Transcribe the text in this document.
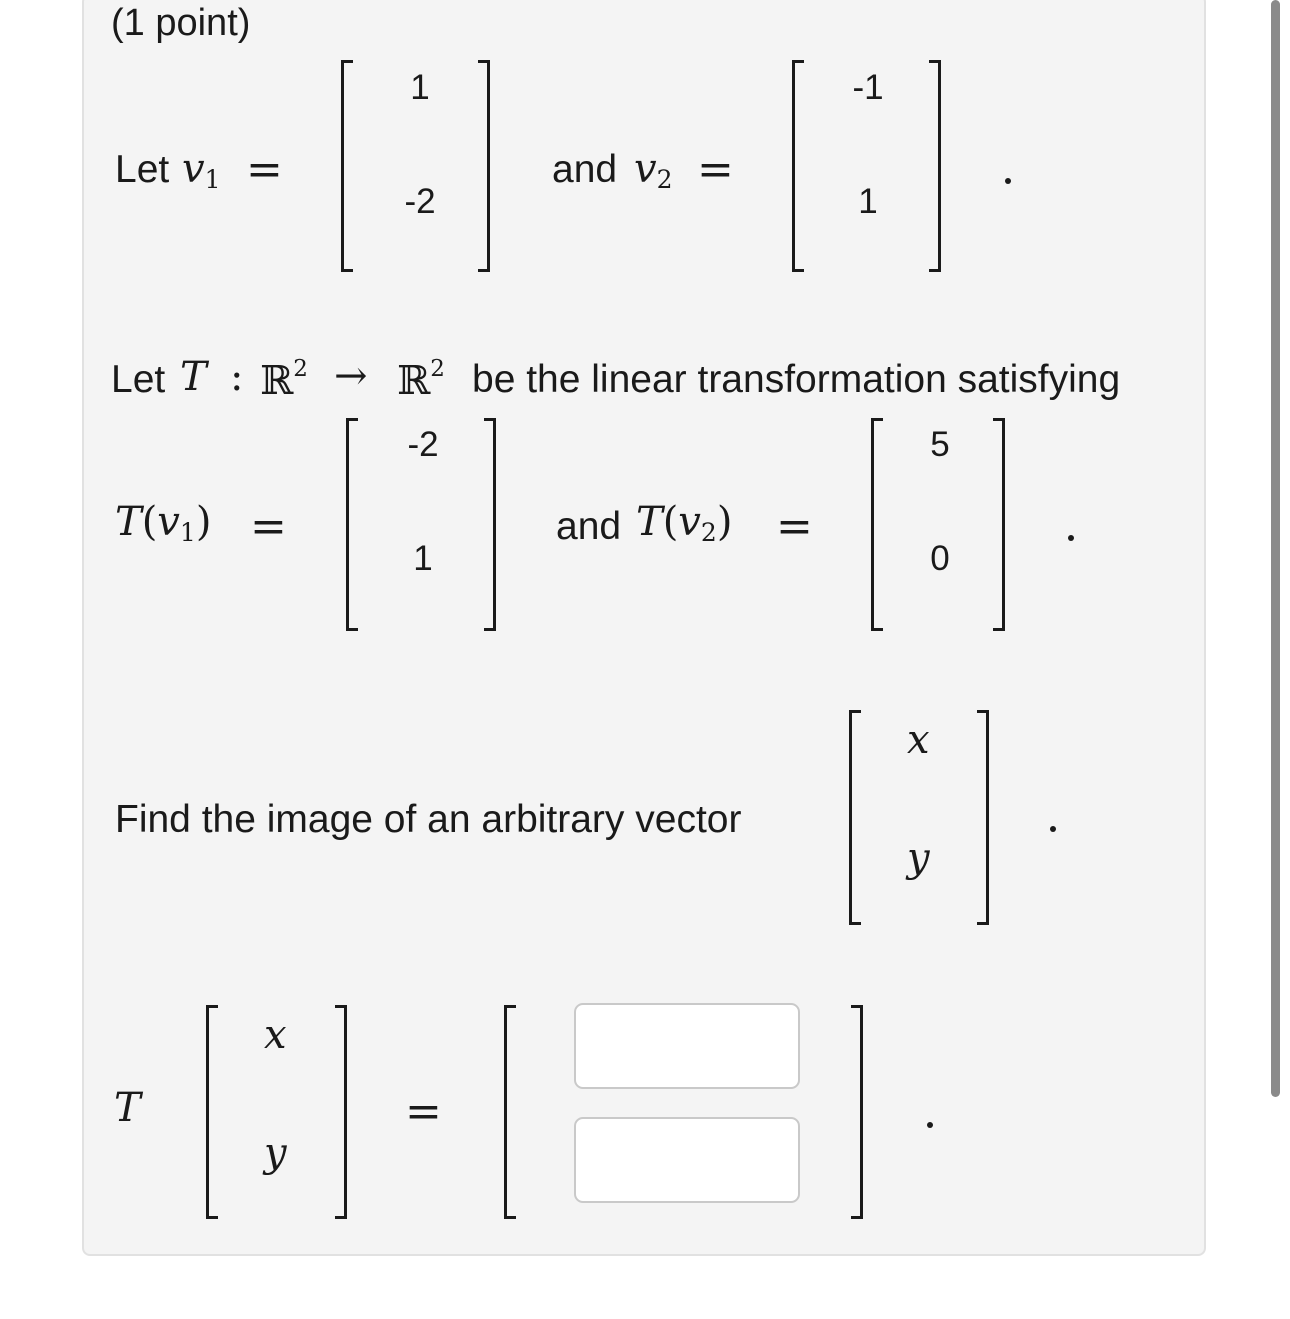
(1 point)
Let $v_1$ =
1
-2
and $v_2$ =
-1
1
Let T : ℝ$^2$ → ℝ$^2$ be the linear transformation satisfying
$T(v_1)$ =
-2
1
and $T(v_2)$ =
5
0
Find the image of an arbitrary vector
x
y
T
x
y
=
